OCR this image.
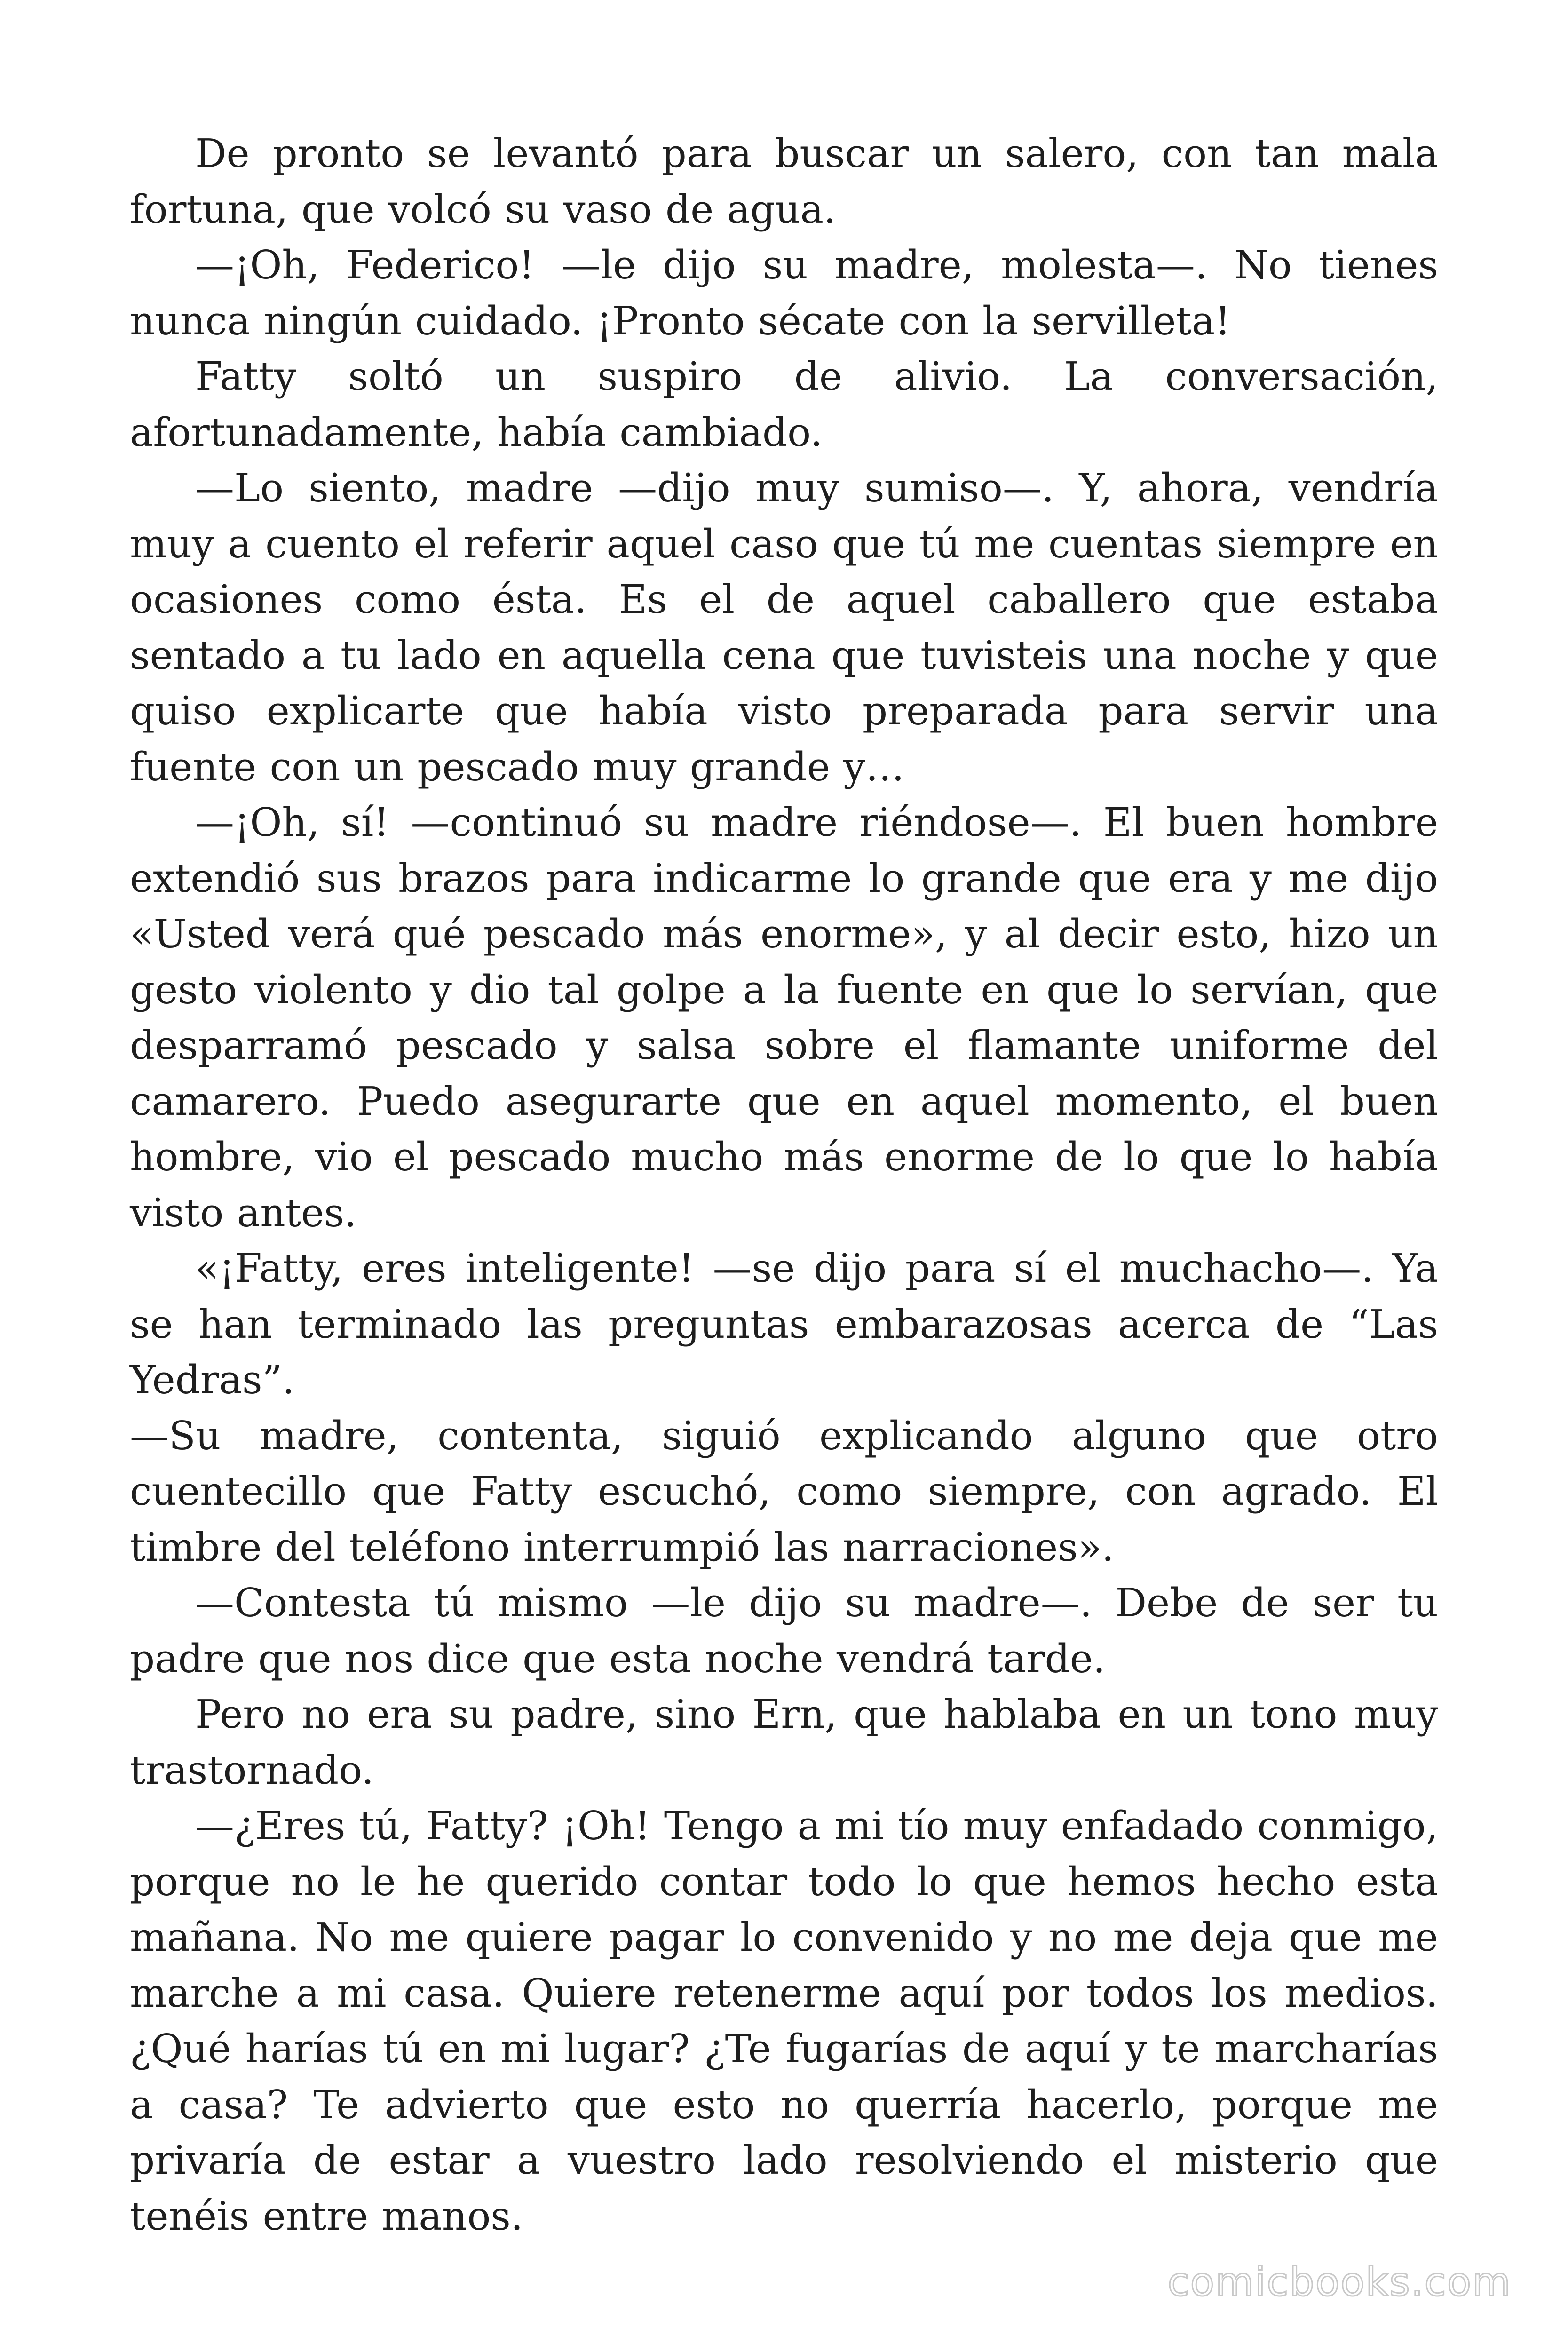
De pronto se levantó para buscar un salero, con tan mala fortuna, que volcó su vaso de agua.

—¡Oh, Federico! —le dijo su madre, molesta—. No tienes nunca ningún cuidado. ¡Pronto sécate con la servilleta!

Fatty soltó un suspiro de alivio. La conversación, afortunadamente, había cambiado.

—Lo siento, madre —dijo muy sumiso—. Y, ahora, vendría muy a cuento el referir aquel caso que tú me cuentas siempre en ocasiones como ésta. Es el de aquel caballero que estaba sentado a tu lado en aquella cena que tuvisteis una noche y que quiso explicarte que había visto preparada para servir una fuente con un pescado muy grande y…

—¡Oh, sí! —continuó su madre riéndose—. El buen hombre extendió sus brazos para indicarme lo grande que era y me dijo «Usted verá qué pescado más enorme», y al decir esto, hizo un gesto violento y dio tal golpe a la fuente en que lo servían, que desparramó pescado y salsa sobre el flamante uniforme del camarero. Puedo asegurarte que en aquel momento, el buen hombre, vio el pescado mucho más enorme de lo que lo había visto antes.

«¡Fatty, eres inteligente! —se dijo para sí el muchacho—. Ya se han terminado las preguntas embarazosas acerca de “Las Yedras”.

—Su madre, contenta, siguió explicando alguno que otro cuentecillo que Fatty escuchó, como siempre, con agrado. El timbre del teléfono interrumpió las narraciones».

—Contesta tú mismo —le dijo su madre—. Debe de ser tu padre que nos dice que esta noche vendrá tarde.

Pero no era su padre, sino Ern, que hablaba en un tono muy trastornado.

—¿Eres tú, Fatty? ¡Oh! Tengo a mi tío muy enfadado conmigo, porque no le he querido contar todo lo que hemos hecho esta mañana. No me quiere pagar lo convenido y no me deja que me marche a mi casa. Quiere retenerme aquí por todos los medios. ¿Qué harías tú en mi lugar? ¿Te fugarías de aquí y te marcharías a casa? Te advierto que esto no querría hacerlo, porque me privaría de estar a vuestro lado resolviendo el misterio que tenéis entre manos.

comicbooks.com
